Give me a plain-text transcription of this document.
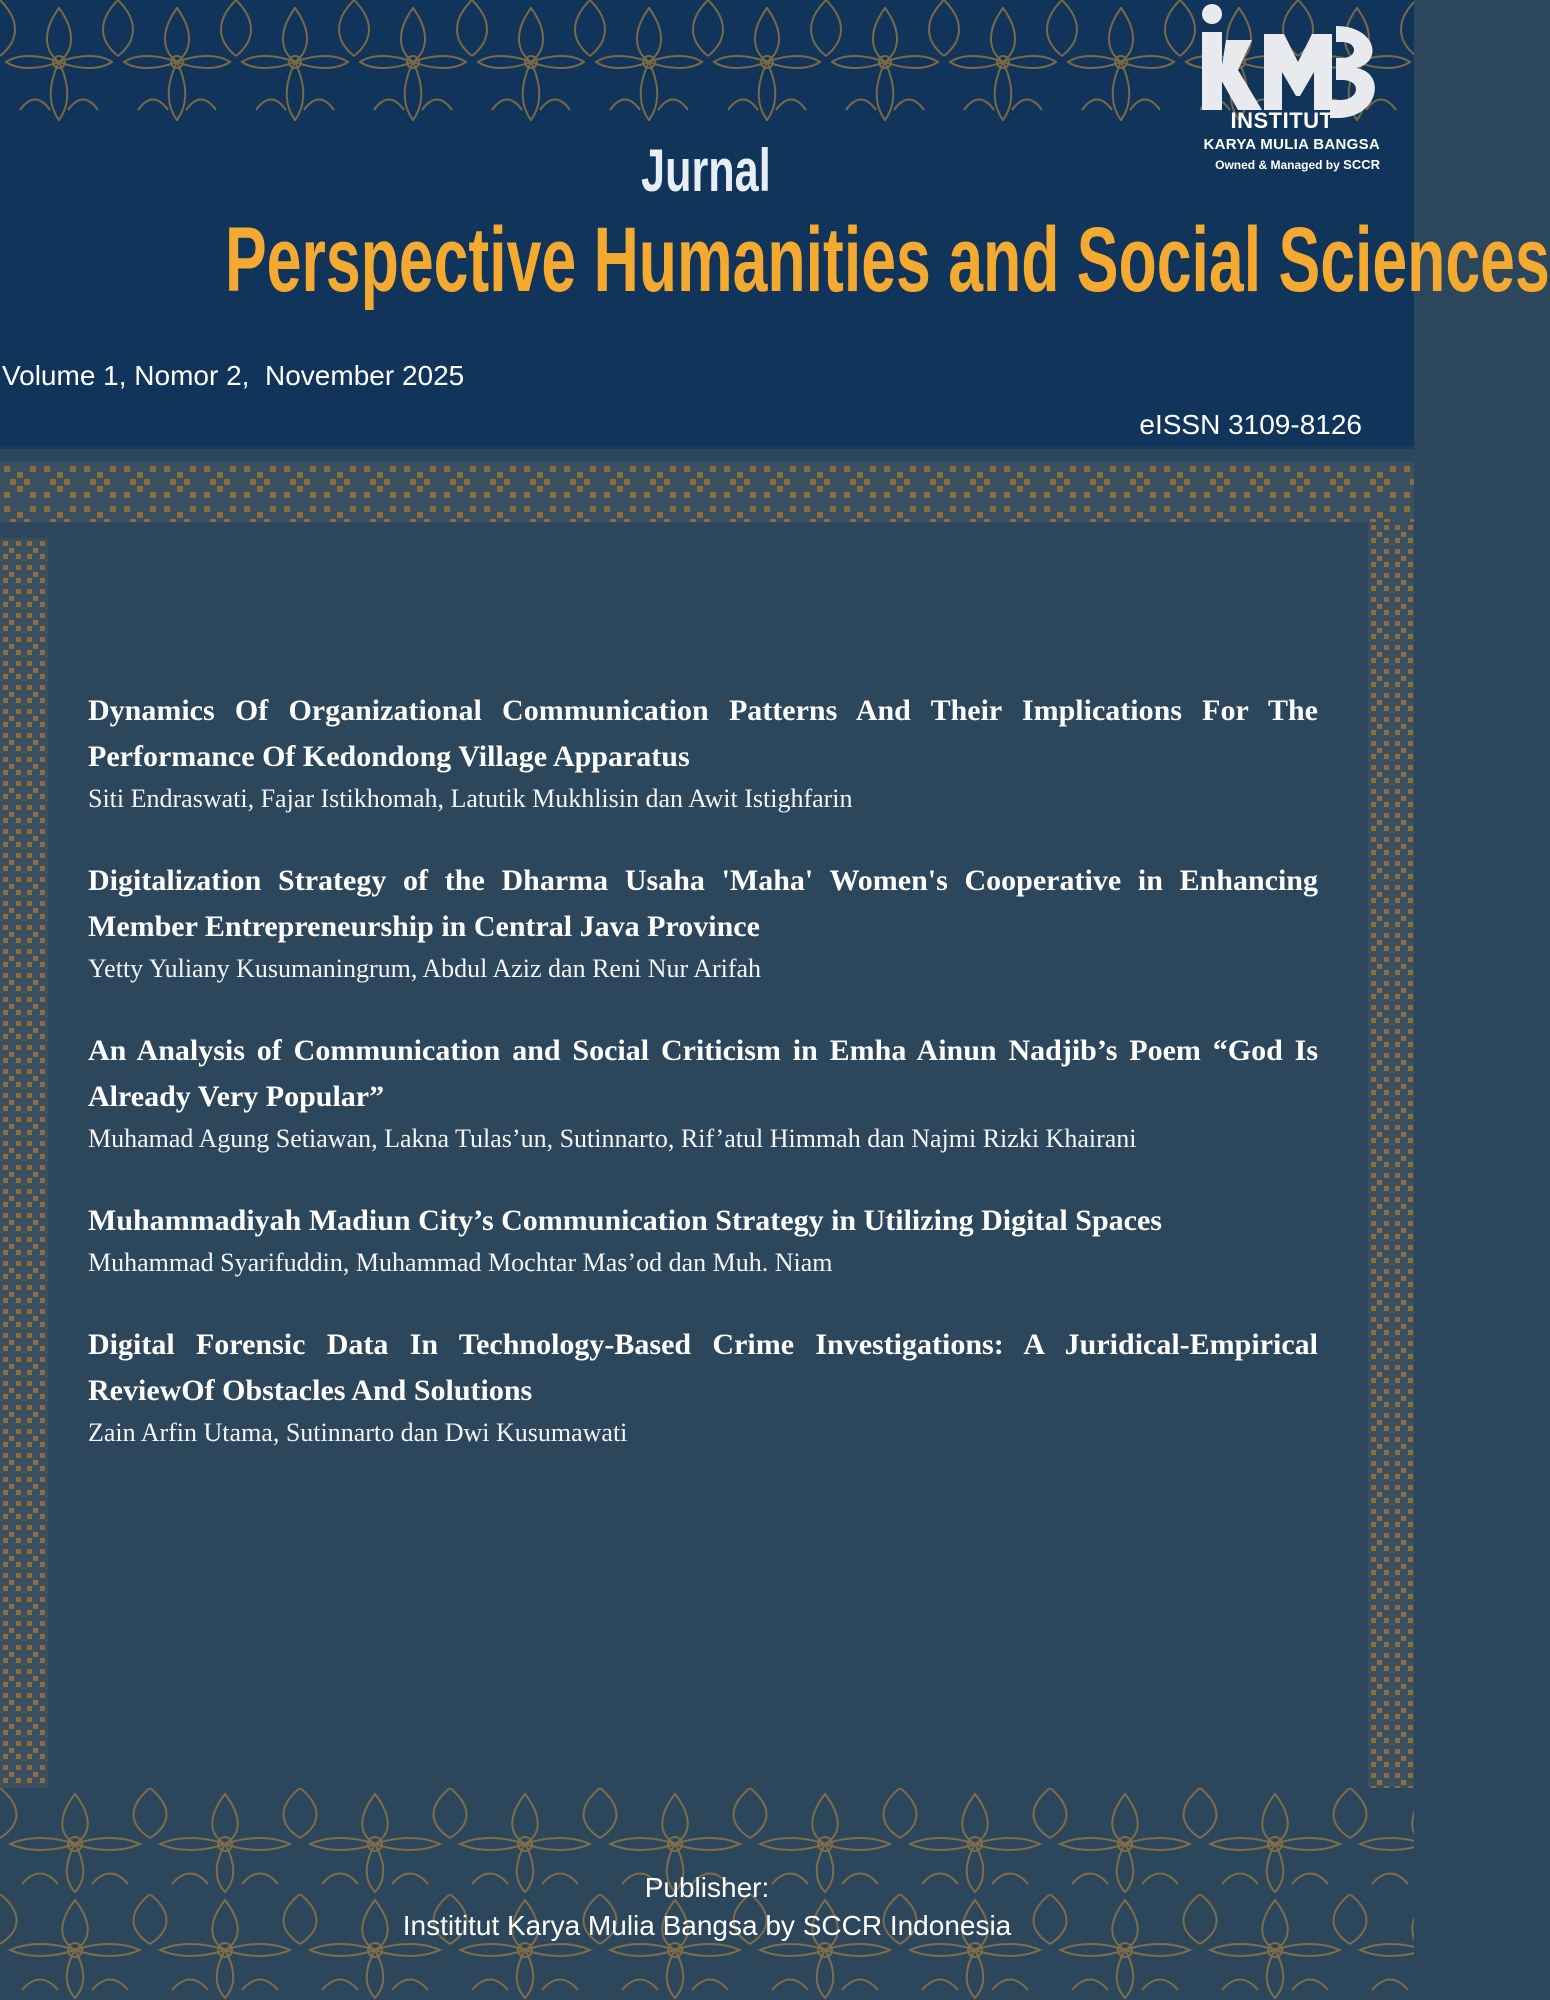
INSTITUT
KARYA MULIA BANGSA
Owned & Managed by SCCR
Jurnal
Perspective Humanities and Social Sciences
Volume 1, Nomor 2,  November 2025
eISSN 3109-8126

Dynamics Of Organizational Communication Patterns And Their Implications For The Performance Of Kedondong Village Apparatus

Siti Endraswati, Fajar Istikhomah, Latutik Mukhlisin dan Awit Istighfarin

Digitalization Strategy of the Dharma Usaha 'Maha' Women's Cooperative in Enhancing Member Entrepreneurship in Central Java Province

Yetty Yuliany Kusumaningrum, Abdul Aziz dan Reni Nur Arifah

An Analysis of Communication and Social Criticism in Emha Ainun Nadjib’s Poem “God Is Already Very Popular”

Muhamad Agung Setiawan, Lakna Tulas’un, Sutinnarto, Rif’atul Himmah dan Najmi Rizki Khairani

Muhammadiyah Madiun City’s Communication Strategy in Utilizing Digital Spaces

Muhammad Syarifuddin, Muhammad Mochtar Mas’od dan Muh. Niam

Digital Forensic Data In Technology-Based Crime Investigations: A Juridical-Empirical ReviewOf Obstacles And Solutions

Zain Arfin Utama, Sutinnarto dan Dwi Kusumawati

Publisher:
Instititut Karya Mulia Bangsa by SCCR Indonesia
